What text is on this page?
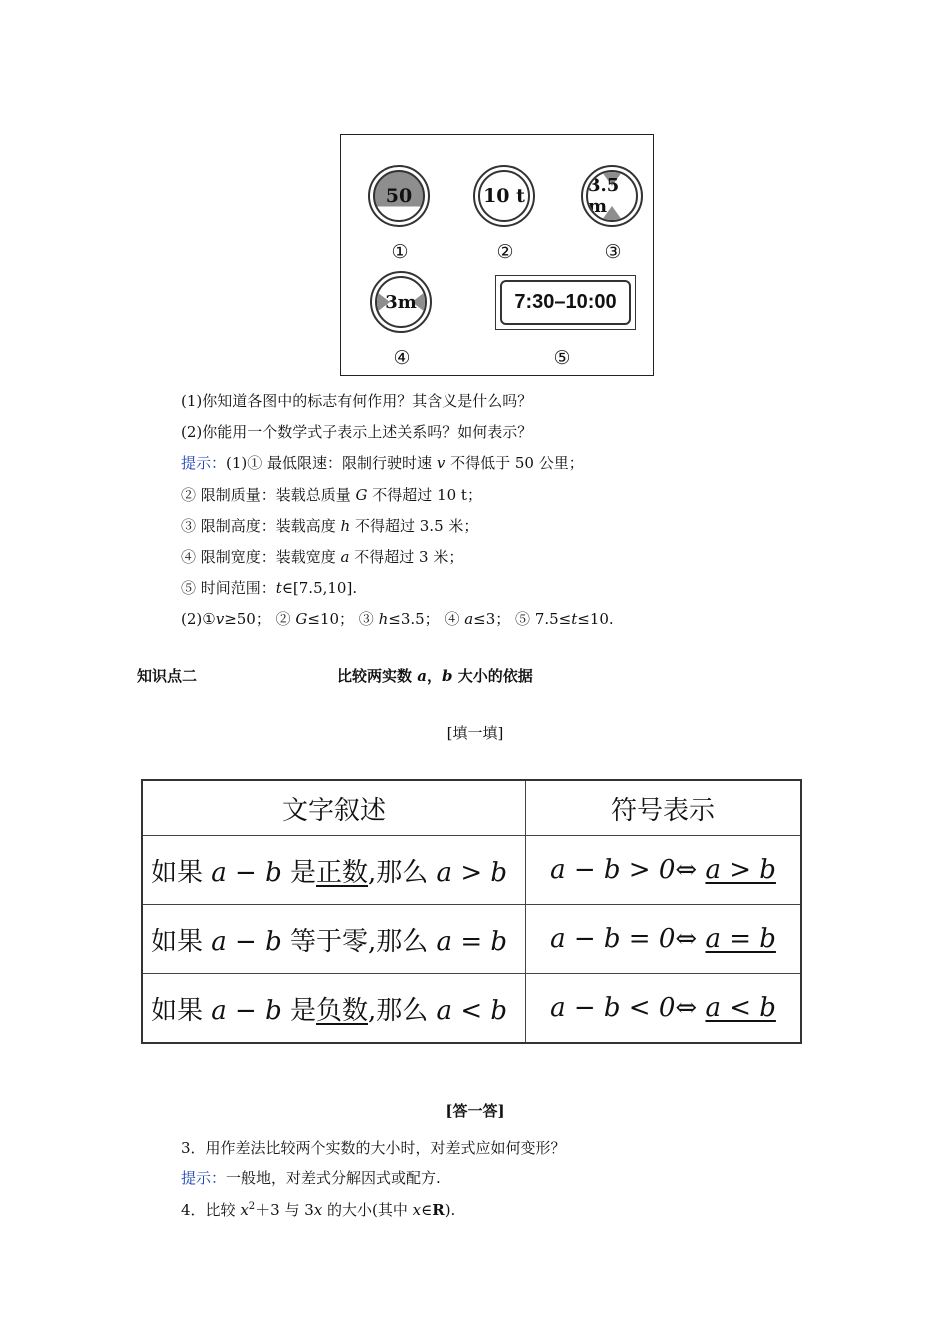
50
①
10 t
②
3.5 m
③
3m
④
7:30–10:00
⑤
(1)你知道各图中的标志有何作用？其含义是什么吗？
(2)你能用一个数学式子表示上述关系吗？如何表示？
提示：(1)① 最低限速：限制行驶时速 v 不得低于 50 公里；
② 限制质量：装载总质量 G 不得超过 10 t；
③ 限制高度：装载高度 h 不得超过 3.5 米；
④ 限制宽度：装载宽度 a 不得超过 3 米；
⑤ 时间范围：t∈[7.5,10].
(2)①v≥50； ② G≤10； ③ h≤3.5； ④ a≤3； ⑤ 7.5≤t≤10.
知识点二	比较两实数 a，b 大小的依据
[填一填]
文字叙述	符号表示
如果 a − b 是正数,那么 a > b	a − b > 0⇔ a > b
如果 a − b 等于零,那么 a = b	a − b = 0⇔ a = b
如果 a − b 是负数,那么 a < b	a − b < 0⇔ a < b
[答一答]
3．用作差法比较两个实数的大小时，对差式应如何变形？
提示：一般地，对差式分解因式或配方.
4．比较 $x^2+3$ 与 3x 的大小(其中 x∈R).
